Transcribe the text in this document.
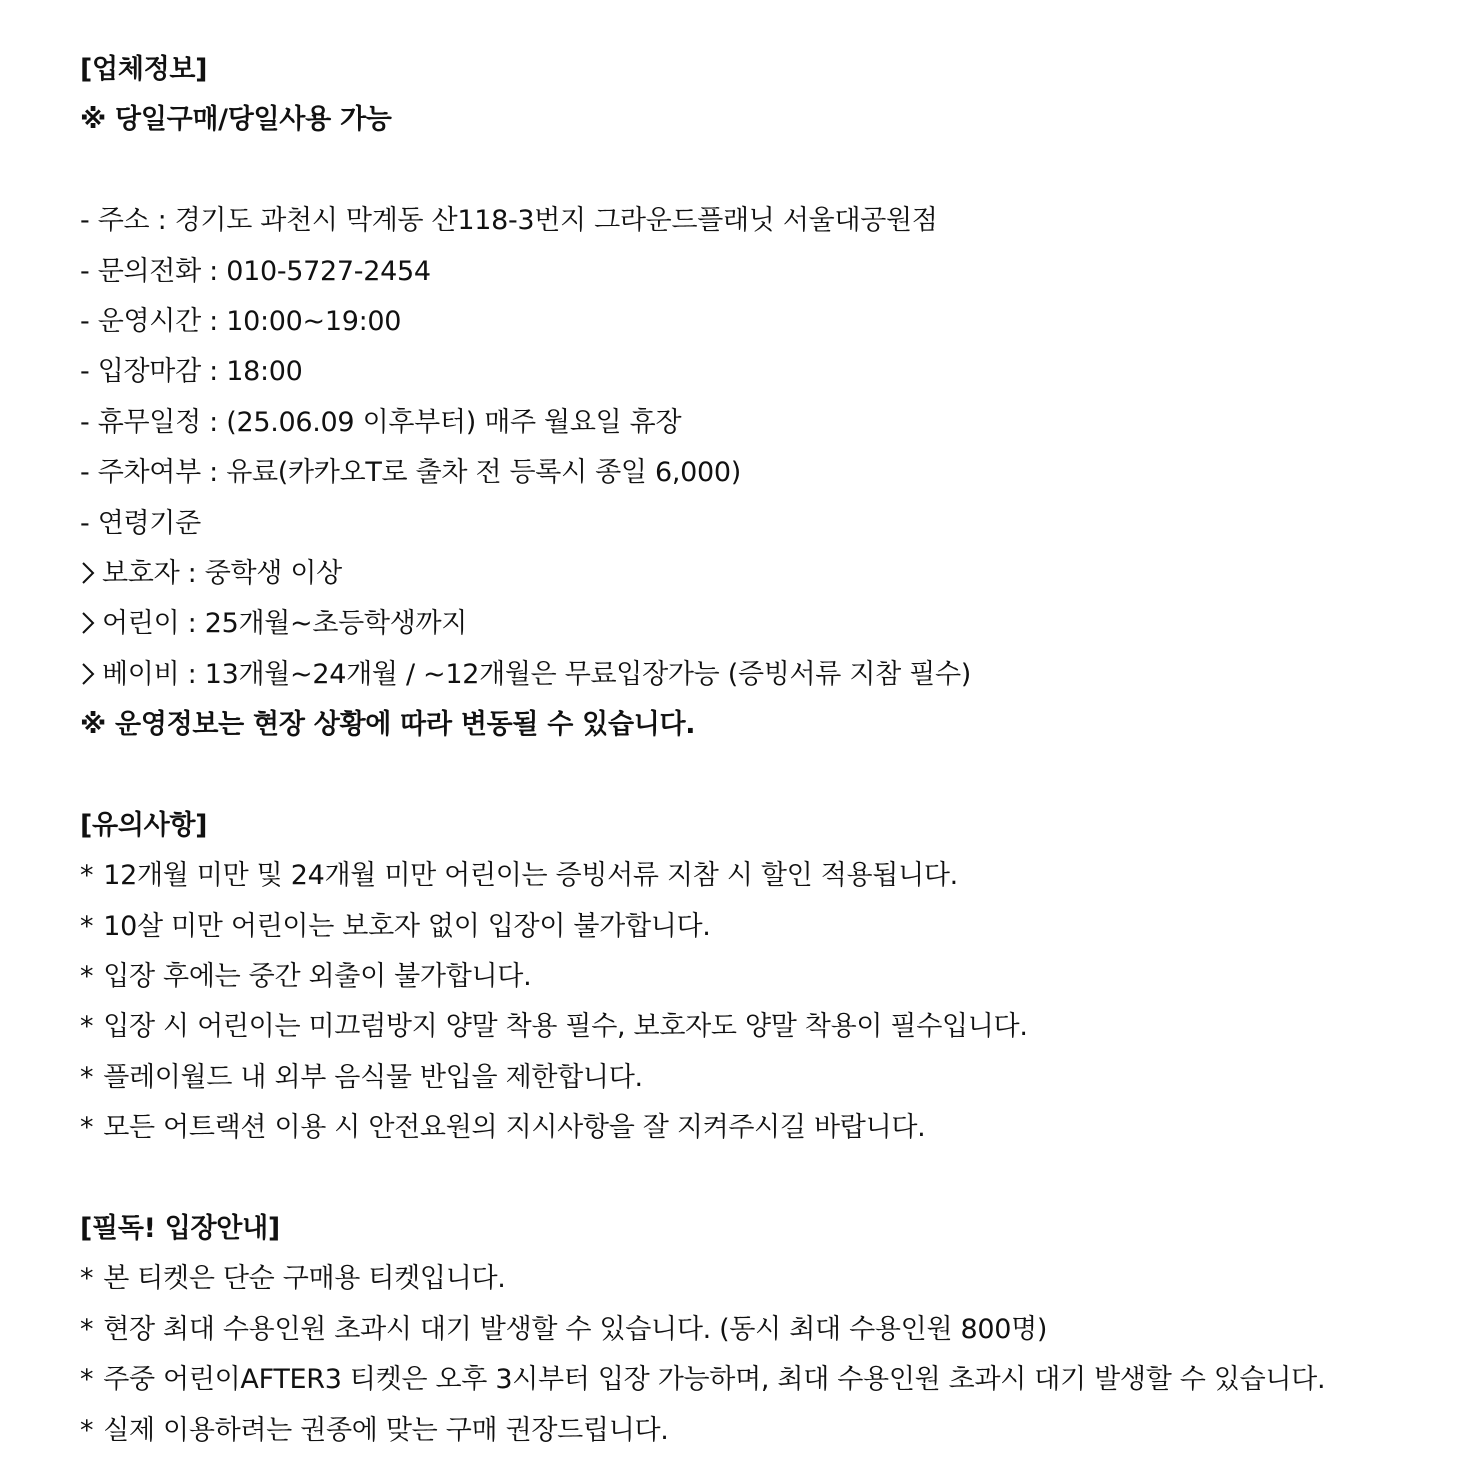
[업체정보]
※ 당일구매/당일사용 가능
- 주소 : 경기도 과천시 막계동 산118-3번지 그라운드플래닛 서울대공원점
- 문의전화 : 010-5727-2454
- 운영시간 : 10:00~19:00
- 입장마감 : 18:00
- 휴무일정 : (25.06.09 이후부터) 매주 월요일 휴장
- 주차여부 : 유료(카카오T로 출차 전 등록시 종일 6,000)
- 연령기준
보호자 : 중학생 이상
어린이 : 25개월~초등학생까지
베이비 : 13개월~24개월 / ~12개월은 무료입장가능 (증빙서류 지참 필수)
※ 운영정보는 현장 상황에 따라 변동될 수 있습니다.
[유의사항]
* 12개월 미만 및 24개월 미만 어린이는 증빙서류 지참 시 할인 적용됩니다.
* 10살 미만 어린이는 보호자 없이 입장이 불가합니다.
* 입장 후에는 중간 외출이 불가합니다.
* 입장 시 어린이는 미끄럼방지 양말 착용 필수, 보호자도 양말 착용이 필수입니다.
* 플레이월드 내 외부 음식물 반입을 제한합니다.
* 모든 어트랙션 이용 시 안전요원의 지시사항을 잘 지켜주시길 바랍니다.
[필독! 입장안내]
* 본 티켓은 단순 구매용 티켓입니다.
* 현장 최대 수용인원 초과시 대기 발생할 수 있습니다. (동시 최대 수용인원 800명)
* 주중 어린이AFTER3 티켓은 오후 3시부터 입장 가능하며, 최대 수용인원 초과시 대기 발생할 수 있습니다.
* 실제 이용하려는 권종에 맞는 구매 권장드립니다.
